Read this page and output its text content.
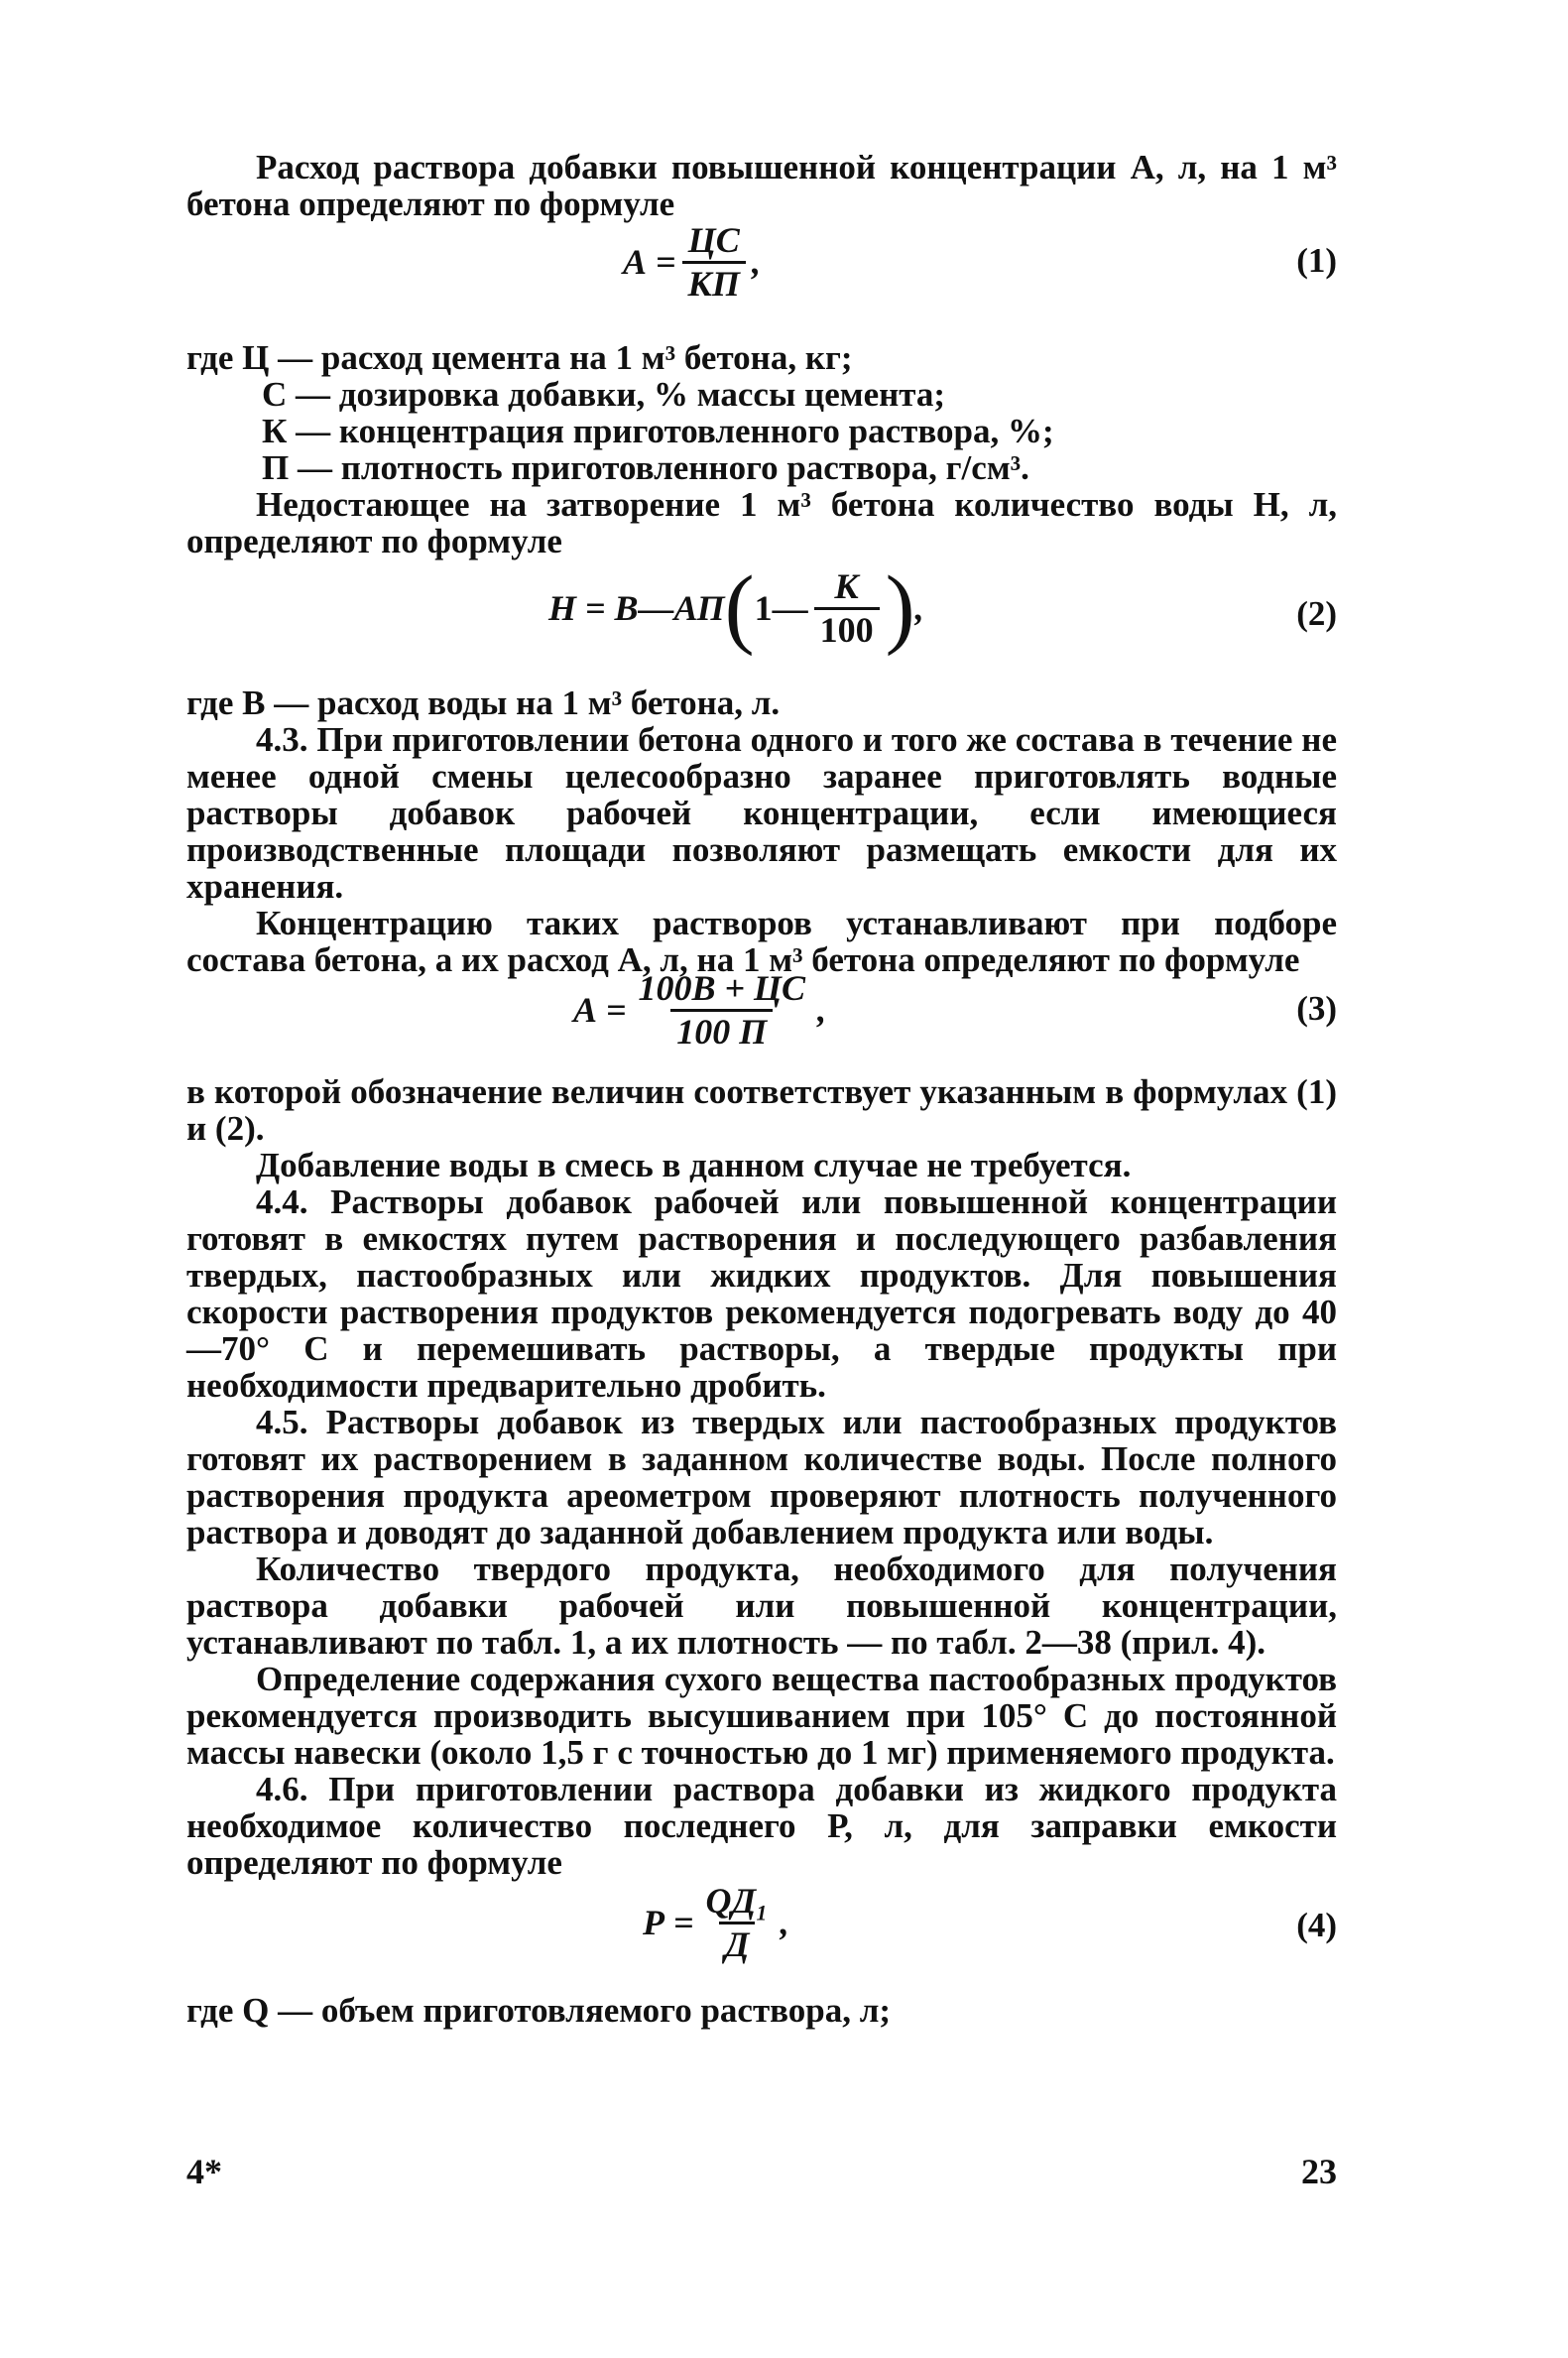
Расход раствора добавки повышенной концентрации А, л, на 1 м³ бетона определяют по формуле

$А = \frac{ЦС}{КП}$ ,	(1)

где Ц — расход цемента на 1 м³ бетона, кг;

С — дозировка добавки, % массы цемента;

К — концентрация приготовленного раствора, %;

П — плотность приготовленного раствора, г/см³.

Недостающее на затворение 1 м³ бетона количество воды Н, л, определяют по формуле

Н = В—АП ( 1— $\frac{К}{100}$ ) ,	(2)

где В — расход воды на 1 м³ бетона, л.

4.3. При приготовлении бетона одного и того же состава в течение не менее одной смены целесообразно заранее приготовлять водные растворы добавок рабочей концентрации, если имеющиеся производственные площади позволяют размещать емкости для их хранения.

Концентрацию таких растворов устанавливают при подборе состава бетона, а их расход А, л, на 1 м³ бетона определяют по формуле

$А = \frac{100В + ЦС}{100 П}$ ,	(3)

в которой обозначение величин соответствует указанным в формулах (1) и (2).

Добавление воды в смесь в данном случае не требуется.

4.4. Растворы добавок рабочей или повышенной концентрации готовят в емкостях путем растворения и последующего разбавления твердых, пастообразных или жидких продуктов. Для повышения скорости растворения продуктов рекомендуется подогревать воду до 40—70° С и перемешивать растворы, а твердые продукты при необходимости предварительно дробить.

4.5. Растворы добавок из твердых или пастообразных продуктов готовят их растворением в заданном количестве воды. После полного растворения продукта ареометром проверяют плотность полученного раствора и доводят до заданной добавлением продукта или воды.

Количество твердого продукта, необходимого для получения раствора добавки рабочей или повышенной концентрации, устанавливают по табл. 1, а их плотность — по табл. 2—38 (прил. 4).

Определение содержания сухого вещества пастообразных продуктов рекомендуется производить высушиванием при 105° С до постоянной массы навески (около 1,5 г с точностью до 1 мг) применяемого продукта.

4.6. При приготовлении раствора добавки из жидкого продукта необходимое количество последнего Р, л, для заправки емкости определяют по формуле

$Р = \frac{\text{QД₁}}{Д}$ ,	(4)

где Q — объем приготовляемого раствора, л;

4*	23
